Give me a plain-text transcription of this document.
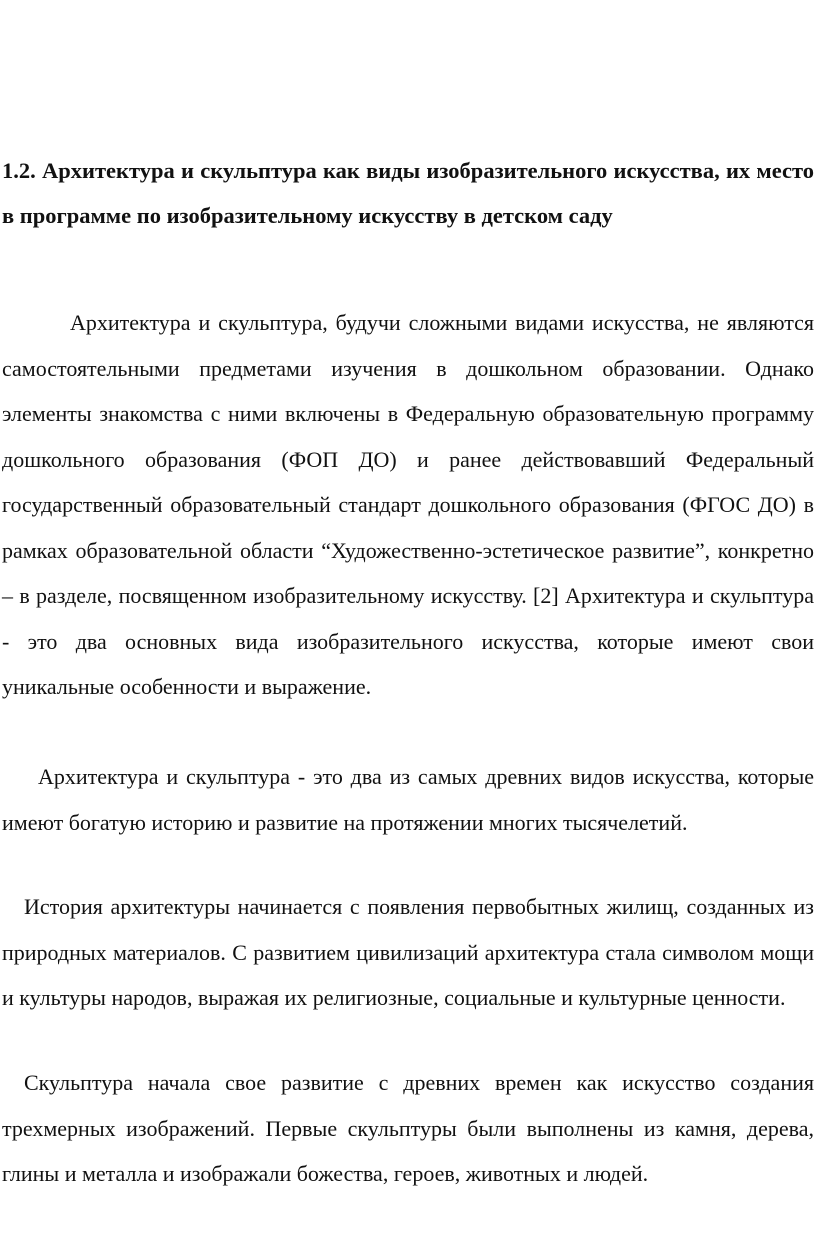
1.2. Архитектура и скульптура как виды изобразительного искусства, их место в программе по изобразительному искусству в детском саду

Архитектура и скульптура, будучи сложными видами искусства, не являются самостоятельными предметами изучения в дошкольном образовании. Однако элементы знакомства с ними включены в Федеральную образовательную программу дошкольного образования (ФОП ДО) и ранее действовавший Федеральный государственный образовательный стандарт дошкольного образования (ФГОС ДО) в рамках образовательной области “Художественно-эстетическое развитие”, конкретно – в разделе, посвященном изобразительному искусству. [2] Архитектура и скульптура - это два основных вида изобразительного искусства, которые имеют свои уникальные особенности и выражение.

Архитектура и скульптура - это два из самых древних видов искусства, которые имеют богатую историю и развитие на протяжении многих тысячелетий.

История архитектуры начинается с появления первобытных жилищ, созданных из природных материалов. С развитием цивилизаций архитектура стала символом мощи и культуры народов, выражая их религиозные, социальные и культурные ценности.

Скульптура начала свое развитие с древних времен как искусство создания трехмерных изображений. Первые скульптуры были выполнены из камня, дерева, глины и металла и изображали божества, героев, животных и людей.
